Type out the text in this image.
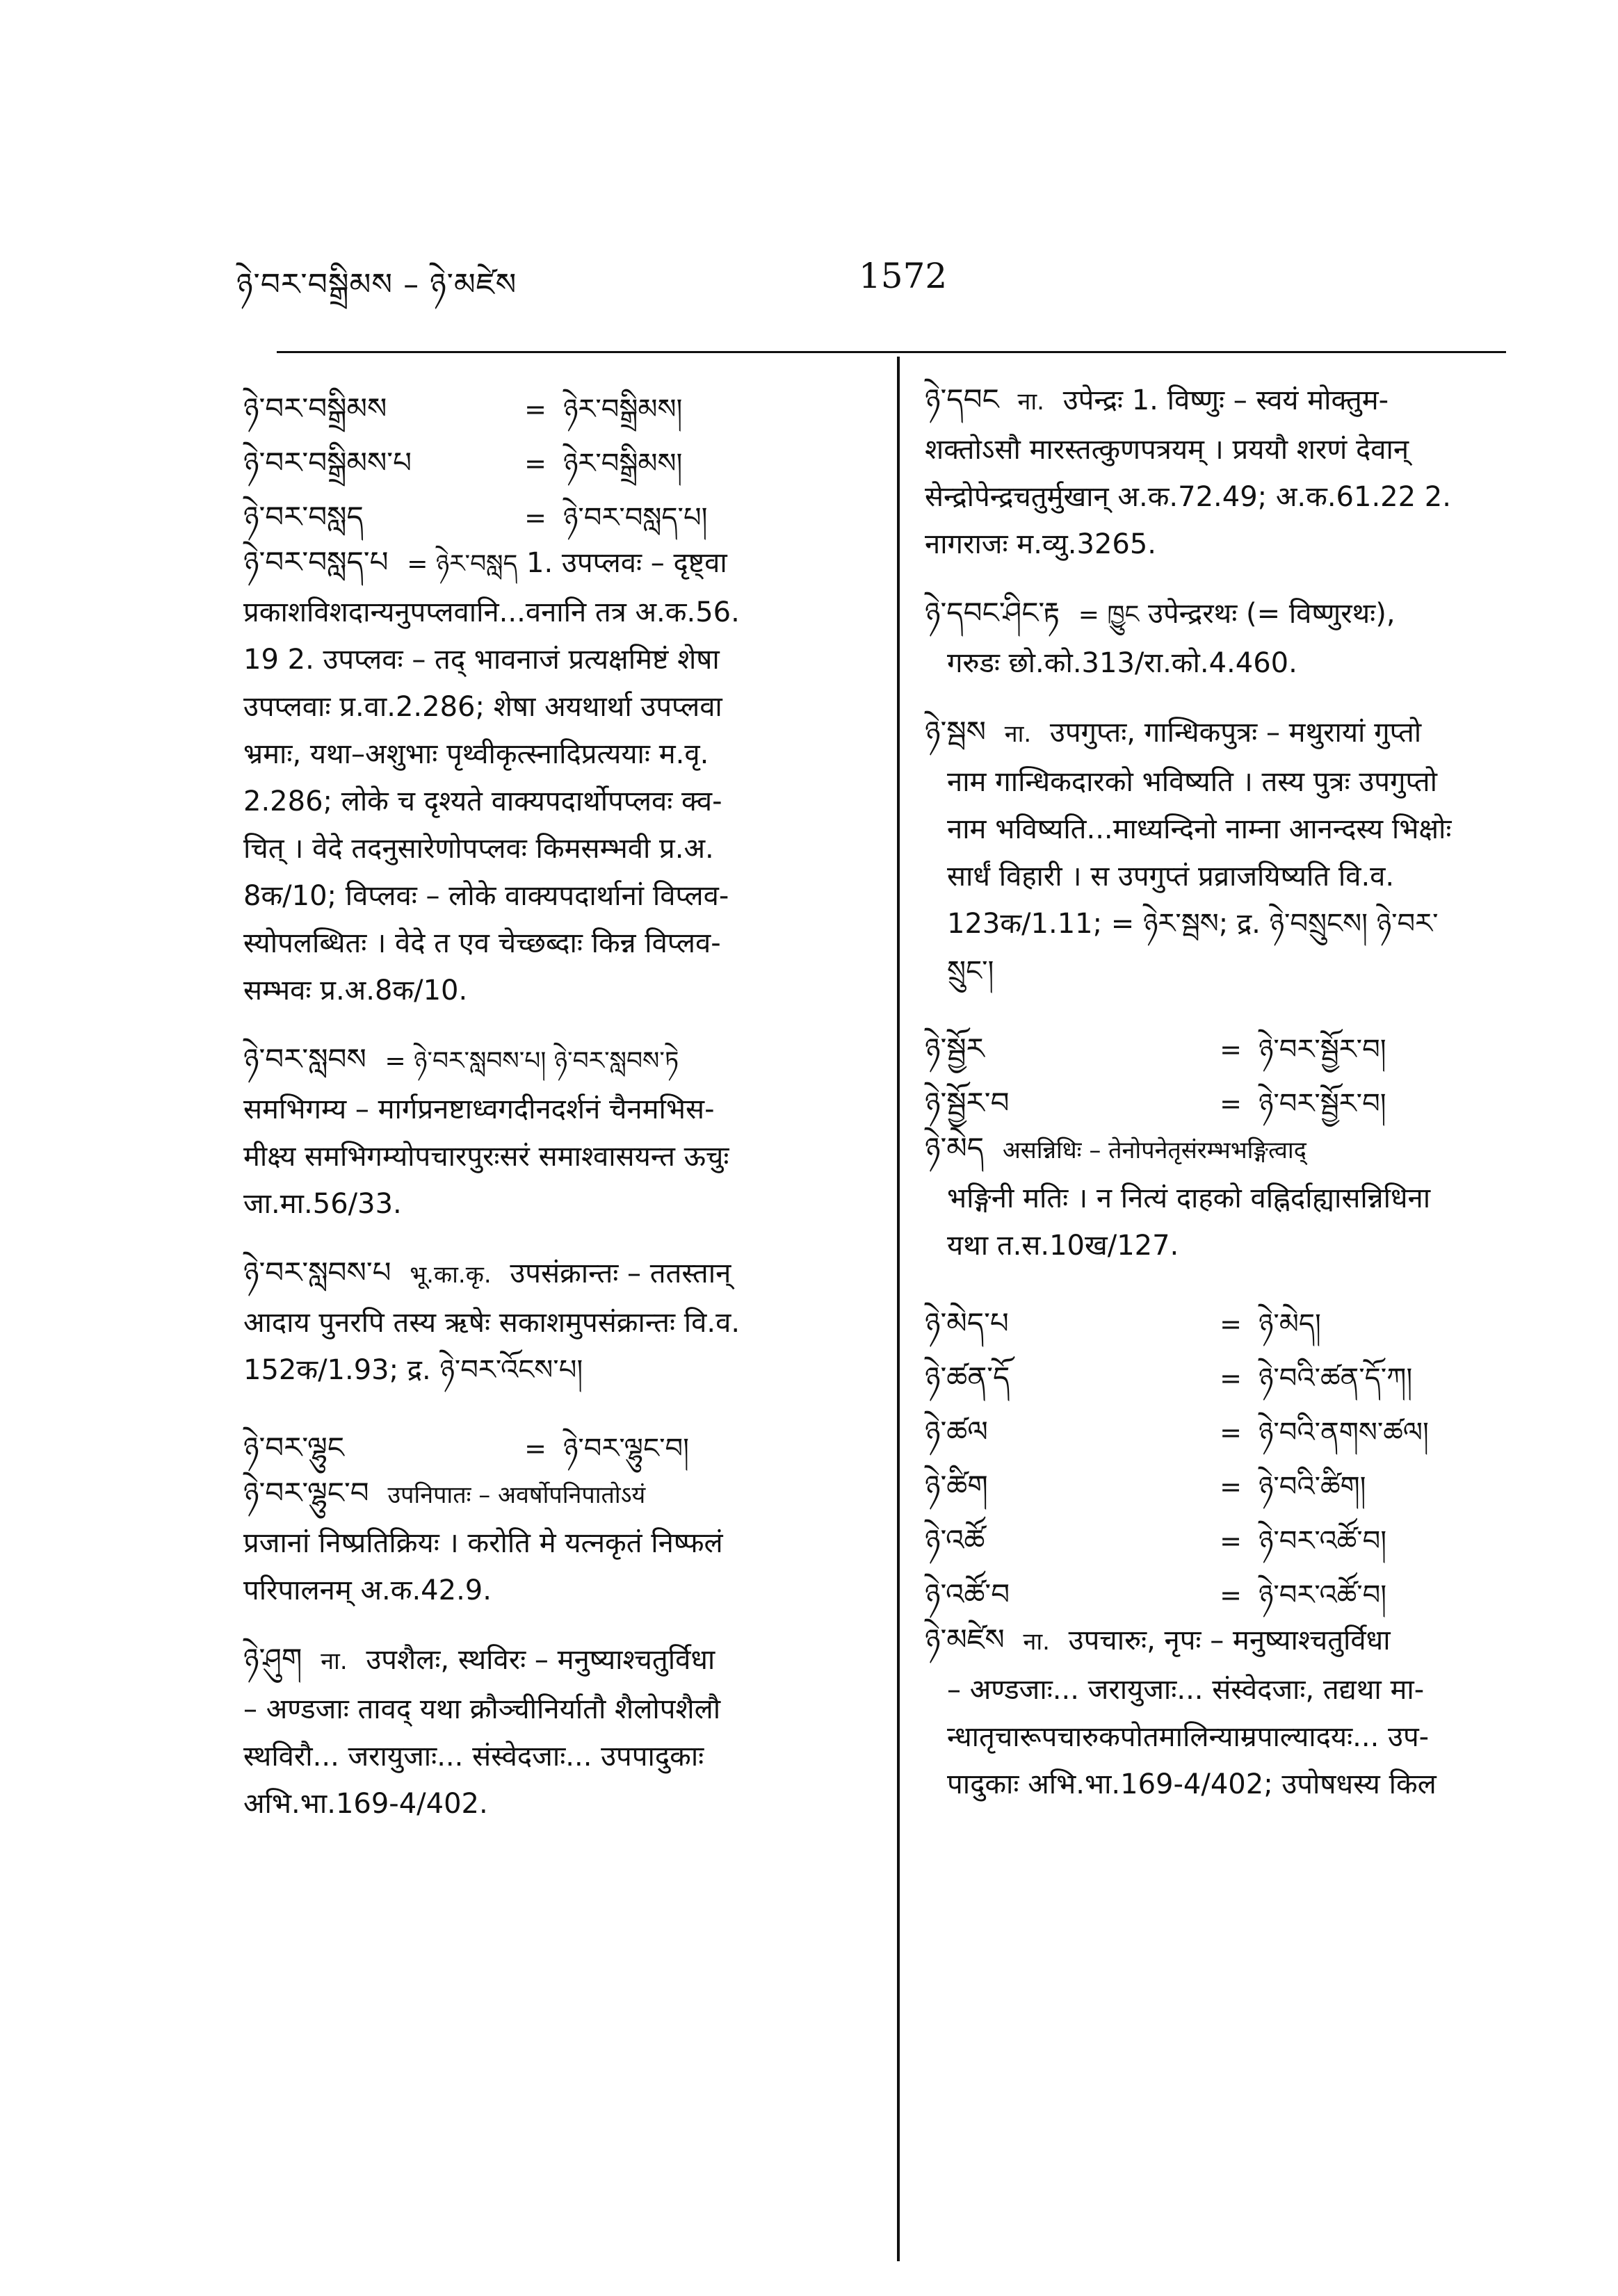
ཉེ་བར་བསྒྲིམས – ཉེ་མཛེས	1572
ཉེ་བར་བསྒྲིམས	= ཉེར་བསྒྲིམས།
ཉེ་བར་བསྒྲིམས་པ	= ཉེར་བསྒྲིམས།
ཉེ་བར་བསླད	= ཉེ་བར་བསླད་པ།
ཉེ་བར་བསླད་པ = ཉེར་བསླད 1. उपप्लवः – दृष्ट्वा
प्रकाशविशदान्यनुपप्लवानि...वनानि तत्र अ.क.56.
19 2. उपप्लवः – तद् भावनाजं प्रत्यक्षमिष्टं शेषा
उपप्लवाः प्र.वा.2.286; शेषा अयथार्था उपप्लवा
भ्रमाः, यथा–अशुभाः पृथ्वीकृत्स्नादिप्रत्ययाः म.वृ.
2.286; लोके च दृश्यते वाक्यपदार्थोपप्लवः क्व-
चित् । वेदे तदनुसारेणोपप्लवः किमसम्भवी प्र.अ.
8क/10; विप्लवः – लोके वाक्यपदार्थानां विप्लव-
स्योपलब्धितः । वेदे त एव चेच्छब्दाः किन्न विप्लव-
सम्भवः प्र.अ.8क/10.
ཉེ་བར་སླབས = ཉེ་བར་སླབས་པ། ཉེ་བར་སླབས་ཏེ
समभिगम्य – मार्गप्रनष्टाध्वगदीनदर्शनं चैनमभिस-
मीक्ष्य समभिगम्योपचारपुरःसरं समाश्वासयन्त ऊचुः
जा.मा.56/33.
ཉེ་བར་སླབས་པ भू.का.कृ. उपसंक्रान्तः – ततस्तान्
आदाय पुनरपि तस्य ऋषेः सकाशमुपसंक्रान्तः वि.व.
152क/1.93; द्र. ཉེ་བར་འོངས་པ།
ཉེ་བར་ལྷུང	= ཉེ་བར་ལྷུང་བ།
ཉེ་བར་ལྷུང་བ उपनिपातः – अवर्षोपनिपातोऽयं
प्रजानां निष्प्रतिक्रियः । करोति मे यत्नकृतं निष्फलं
परिपालनम् अ.क.42.9.
ཉེ་ཤུག ना. उपशैलः, स्थविरः – मनुष्याश्चतुर्विधा
– अण्डजाः तावद् यथा क्रौञ्चीनिर्यातौ शैलोपशैलौ
स्थविरौ... जरायुजाः... संस्वेदजाः... उपपादुकाः
अभि.भा.169-4/402.
ཉེ་དབང ना. उपेन्द्रः 1. विष्णुः – स्वयं मोक्तुम-
शक्तोऽसौ मारस्तत्कुणपत्रयम् । प्रययौ शरणं देवान्
सेन्द्रोपेन्द्रचतुर्मुखान् अ.क.72.49; अ.क.61.22 2.
नागराजः म.व्यु.3265.
ཉེ་དབང་ཤིང་རྟ = ཁྱུང उपेन्द्ररथः (= विष्णुरथः),
गरुडः छो.को.313/रा.को.4.460.
ཉེ་སྦས ना. उपगुप्तः, गान्धिकपुत्रः – मथुरायां गुप्तो
नाम गान्धिकदारको भविष्यति । तस्य पुत्रः उपगुप्तो
नाम भविष्यति...माध्यन्दिनो नाम्ना आनन्दस्य भिक्षोः
सार्धं विहारी । स उपगुप्तं प्रव्राजयिष्यति वि.व.
123क/1.11; = ཉེར་སྦས; द्र. ཉེ་བསྲུངས། ཉེ་བར་
སྲུང་།
ཉེ་སྦྱོར	= ཉེ་བར་སྦྱོར་བ།
ཉེ་སྦྱོར་བ	= ཉེ་བར་སྦྱོར་བ།
ཉེ་མེད असन्निधिः – तेनोपनेतृसंरम्भभङ्गित्वाद्
भङ्गिनी मतिः । न नित्यं दाहको वह्निर्दाह्यासन्निधिना
यथा त.स.10ख/127.
ཉེ་མེད་པ	= ཉེ་མེད།
ཉེ་ཚན་དོ	= ཉེ་བའི་ཚན་དོ་ཀ།
ཉེ་ཚལ	= ཉེ་བའི་ནགས་ཚལ།
ཉེ་ཚིག	= ཉེ་བའི་ཚིག།
ཉེ་འཚོ	= ཉེ་བར་འཚོ་བ།
ཉེ་འཚོ་བ	= ཉེ་བར་འཚོ་བ།
ཉེ་མཛེས ना. उपचारुः, नृपः – मनुष्याश्चतुर्विधा
– अण्डजाः... जरायुजाः... संस्वेदजाः, तद्यथा मा-
न्धातृचारूपचारुकपोतमालिन्याम्रपाल्यादयः... उप-
पादुकाः अभि.भा.169-4/402; उपोषधस्य किल
